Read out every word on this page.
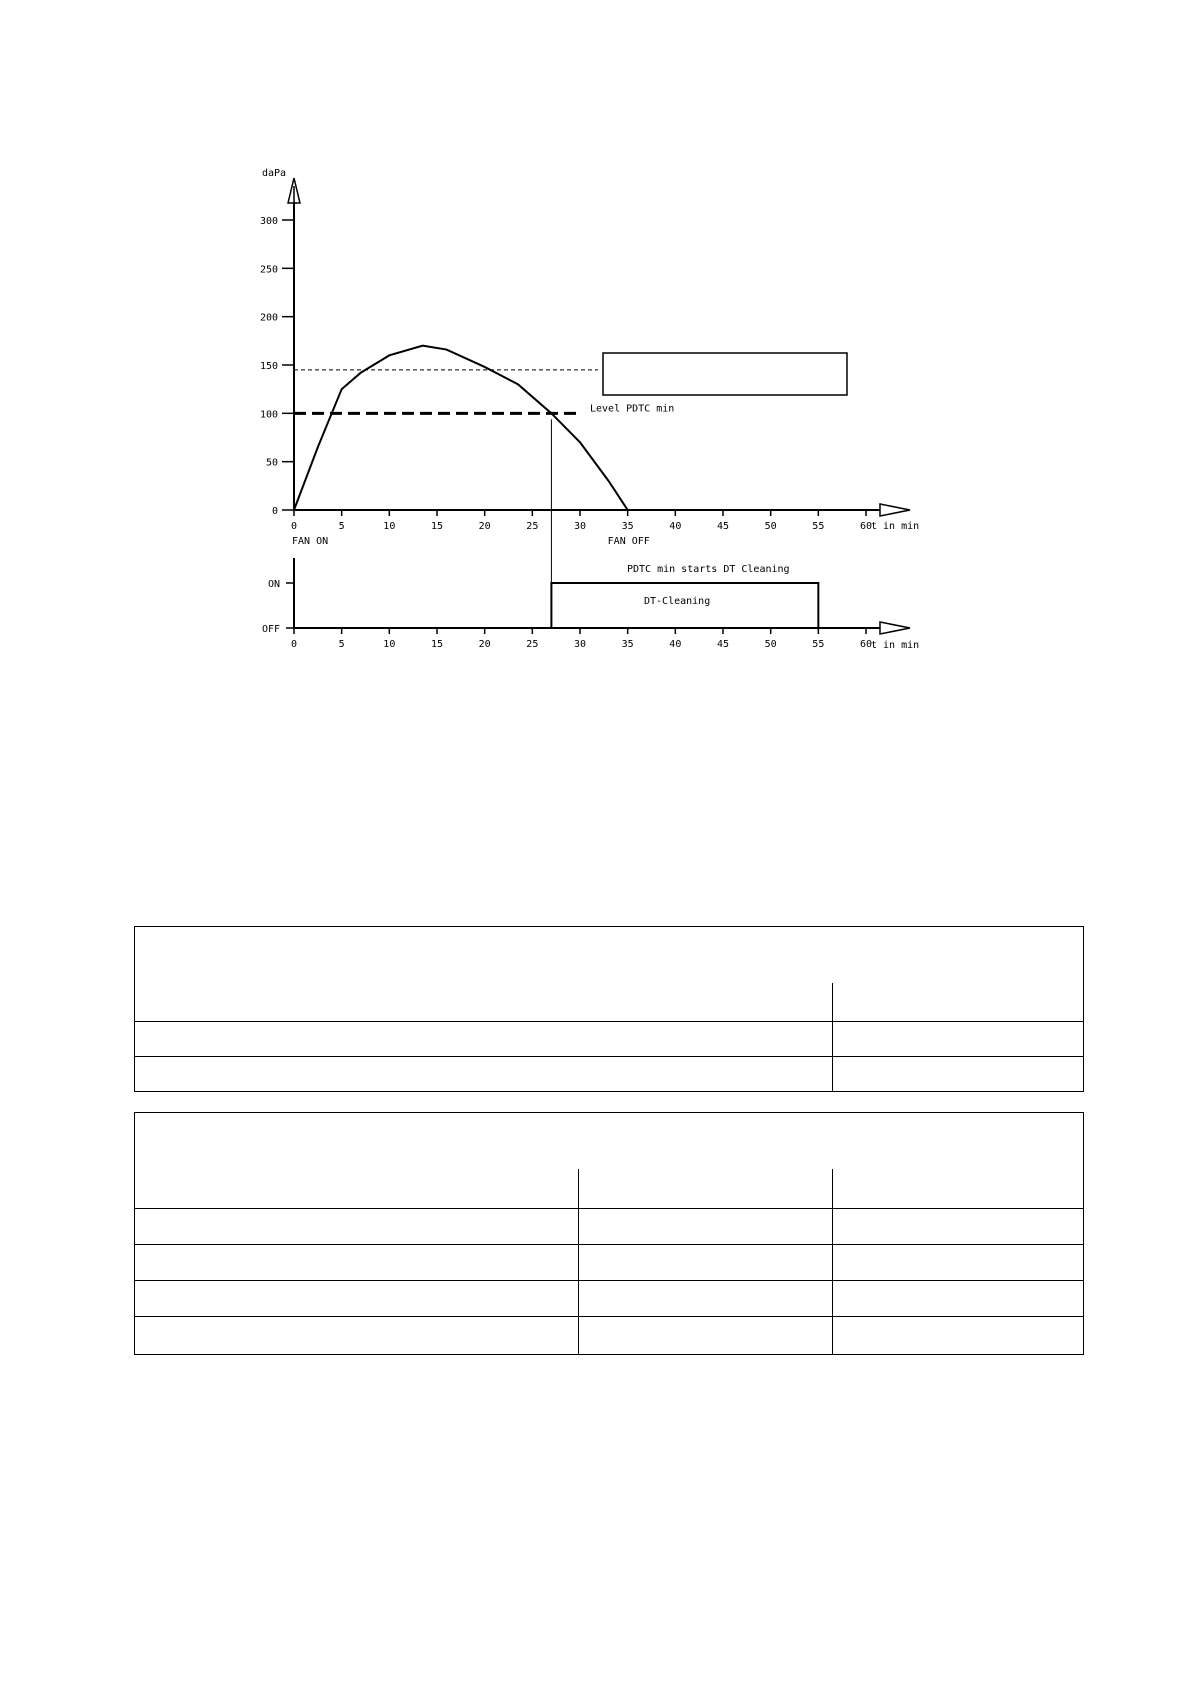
0
50
100
150
200
250
300
0	5	10	15	20	25	30	35	40	45	50	55	60
daPa
t in min
Level PDTC min
FAN ON	FAN OFF
t in min
0	5	10	15	20	25	30	35	40	45	50	55	60
OFF
ON
PDTC min starts DT Cleaning
DT-Cleaning
